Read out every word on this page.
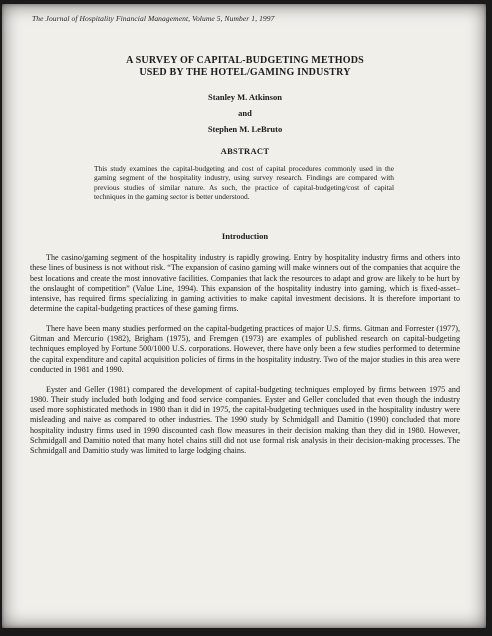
The Journal of Hospitality Financial Management, Volume 5, Number 1, 1997
A SURVEY OF CAPITAL-BUDGETING METHODS
USED BY THE HOTEL/GAMING INDUSTRY
Stanley M. Atkinson
and
Stephen M. LeBruto
ABSTRACT

This study examines the capital-budgeting and cost of capital procedures commonly used in the gaming segment of the hospitality industry, using survey research. Findings are compared with previous studies of similar nature. As such, the practice of capital-budgeting/cost of capital techniques in the gaming sector is better understood.

Introduction

The casino/gaming segment of the hospitality industry is rapidly growing. Entry by hospitality industry firms and others into these lines of business is not without risk. “The expansion of casino gaming will make winners out of the companies that acquire the best locations and create the most innovative facilities. Companies that lack the resources to adapt and grow are likely to be hurt by the onslaught of competition” (Value Line, 1994). This expansion of the hospitality industry into gaming, which is fixed-asset–intensive, has required firms specializing in gaming activities to make capital investment decisions. It is therefore important to determine the capital-budgeting practices of these gaming firms.

There have been many studies performed on the capital-budgeting practices of major U.S. firms. Gitman and Forrester (1977), Gitman and Mercurio (1982), Brigham (1975), and Fremgen (1973) are examples of published research on capital-budgeting techniques employed by Fortune 500/1000 U.S. corporations. However, there have only been a few studies performed to determine the capital expenditure and capital acquisition policies of firms in the hospitality industry. Two of the major studies in this area were conducted in 1981 and 1990.

Eyster and Geller (1981) compared the development of capital-budgeting techniques employed by firms between 1975 and 1980. Their study included both lodging and food service companies. Eyster and Geller concluded that even though the industry used more sophisticated methods in 1980 than it did in 1975, the capital-budgeting techniques used in the hospitality industry were misleading and naive as compared to other industries. The 1990 study by Schmidgall and Damitio (1990) concluded that more hospitality industry firms used in 1990 discounted cash flow measures in their decision making than they did in 1980. However, Schmidgall and Damitio noted that many hotel chains still did not use formal risk analysis in their decision-making processes. The Schmidgall and Damitio study was limited to large lodging chains.
